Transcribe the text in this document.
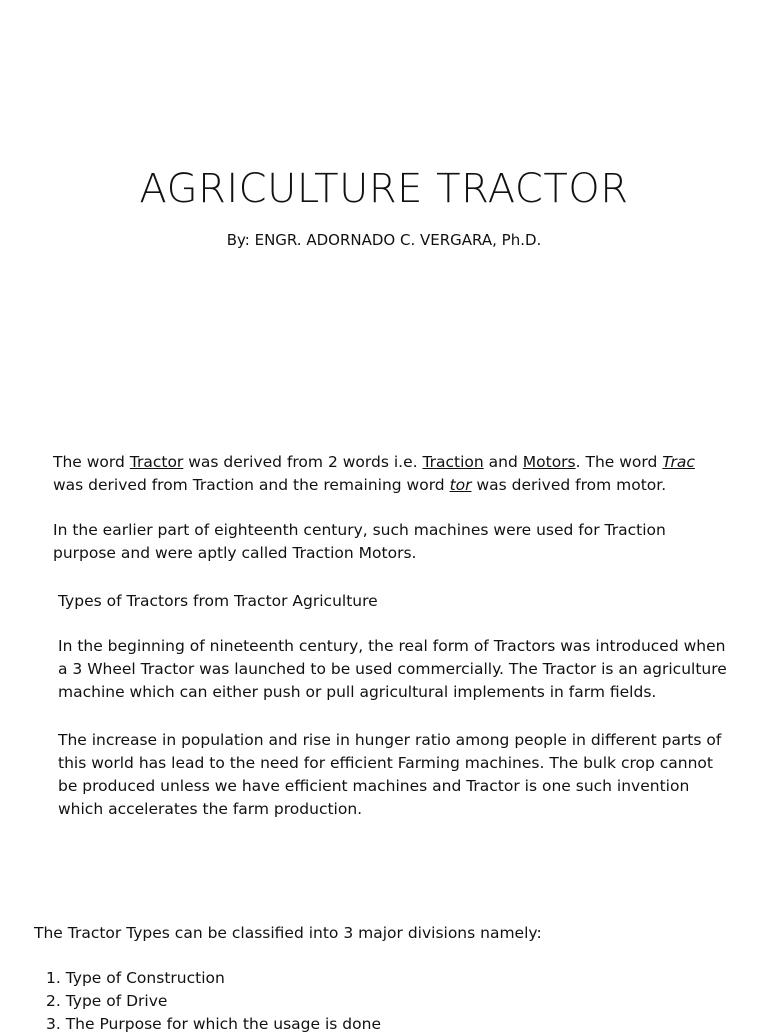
AGRICULTURE TRACTOR
By: ENGR. ADORNADO C. VERGARA, Ph.D.

The word Tractor was derived from 2 words i.e. Traction and Motors. The word Trac

was derived from Traction and the remaining word tor was derived from motor.

In the earlier part of eighteenth century, such machines were used for Traction

purpose and were aptly called Traction Motors.

Types of Tractors from Tractor Agriculture

In the beginning of nineteenth century, the real form of Tractors was introduced when

a 3 Wheel Tractor was launched to be used commercially. The Tractor is an agriculture

machine which can either push or pull agricultural implements in farm fields.

The increase in population and rise in hunger ratio among people in different parts of

this world has lead to the need for efficient Farming machines. The bulk crop cannot

be produced unless we have efficient machines and Tractor is one such invention

which accelerates the farm production.

The Tractor Types can be classified into 3 major divisions namely:

1. Type of Construction
2. Type of Drive
3. The Purpose for which the usage is done
